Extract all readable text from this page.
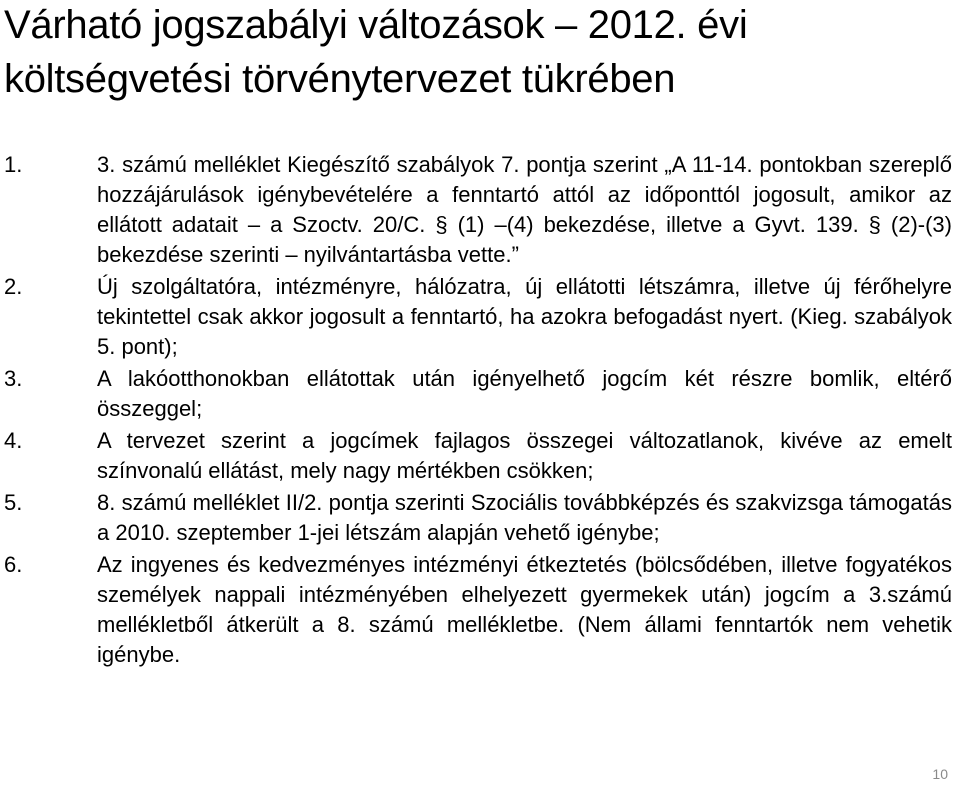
Várható jogszabályi változások – 2012. évi költségvetési törvénytervezet tükrében
1.	3. számú melléklet Kiegészítő szabályok 7. pontja szerint „A 11-14. pontokban szereplő hozzájárulások igénybevételére a fenntartó attól az időponttól jogosult, amikor az ellátott adatait – a Szoctv. 20/C. § (1) –(4) bekezdése, illetve a Gyvt. 139. § (2)-(3) bekezdése szerinti – nyilvántartásba vette.”
2.	Új szolgáltatóra, intézményre, hálózatra, új ellátotti létszámra, illetve új férőhelyre tekintettel csak akkor jogosult a fenntartó, ha azokra befogadást nyert. (Kieg. szabályok 5. pont);
3.	A lakóotthonokban ellátottak után igényelhető jogcím két részre bomlik, eltérő összeggel;
4.	A tervezet szerint a jogcímek fajlagos összegei változatlanok, kivéve az emelt színvonalú ellátást, mely nagy mértékben csökken;
5.	8. számú melléklet II/2. pontja szerinti Szociális továbbképzés és szakvizsga támogatás a 2010. szeptember 1-jei létszám alapján vehető igénybe;
6.	Az ingyenes és kedvezményes intézményi étkeztetés (bölcsődében, illetve fogyatékos személyek nappali intézményében elhelyezett gyermekek után) jogcím a 3.számú mellékletből átkerült a 8. számú mellékletbe. (Nem állami fenntartók nem vehetik igénybe.
10
